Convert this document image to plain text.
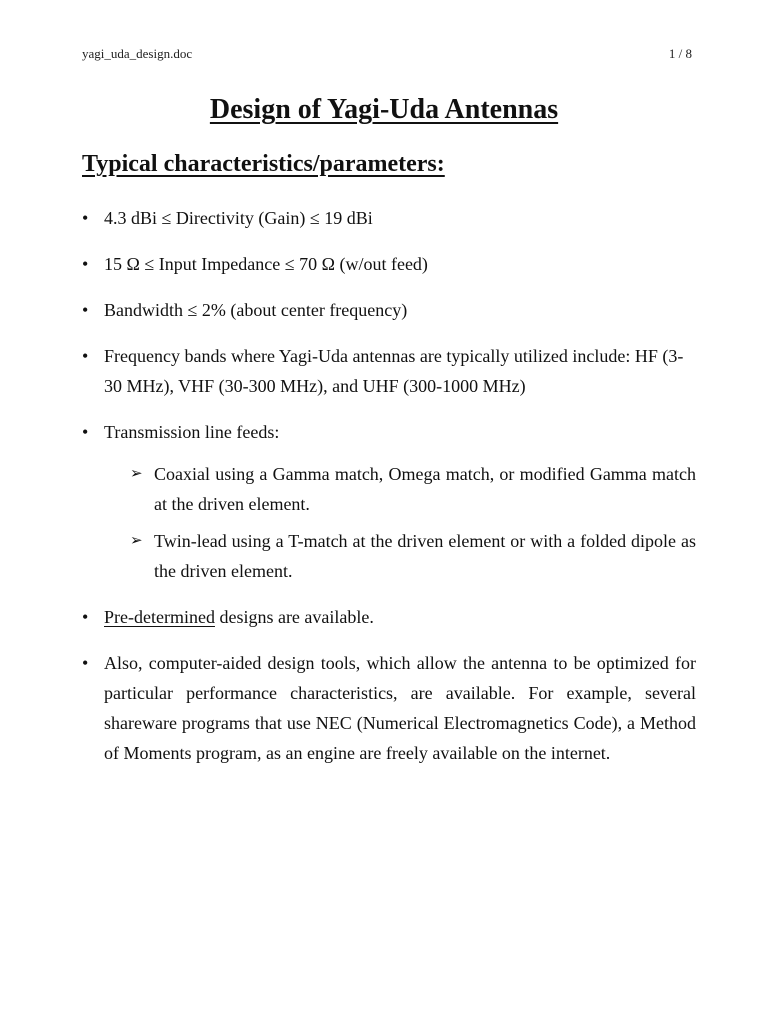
yagi_uda_design.doc	1 / 8
Design of Yagi-Uda Antennas
Typical characteristics/parameters:
• 4.3 dBi ≤ Directivity (Gain) ≤ 19 dBi
• 15 Ω ≤ Input Impedance ≤ 70 Ω (w/out feed)
• Bandwidth ≤ 2% (about center frequency)
• Frequency bands where Yagi-Uda antennas are typically utilized include: HF (3-30 MHz), VHF (30-300 MHz), and UHF (300-1000 MHz)
• Transmission line feeds:
➢ Coaxial using a Gamma match, Omega match, or modified Gamma match at the driven element.
➢ Twin-lead using a T-match at the driven element or with a folded dipole as the driven element.
• Pre-determined designs are available.
• Also, computer-aided design tools, which allow the antenna to be optimized for particular performance characteristics, are available. For example, several shareware programs that use NEC (Numerical Electromagnetics Code), a Method of Moments program, as an engine are freely available on the internet.
